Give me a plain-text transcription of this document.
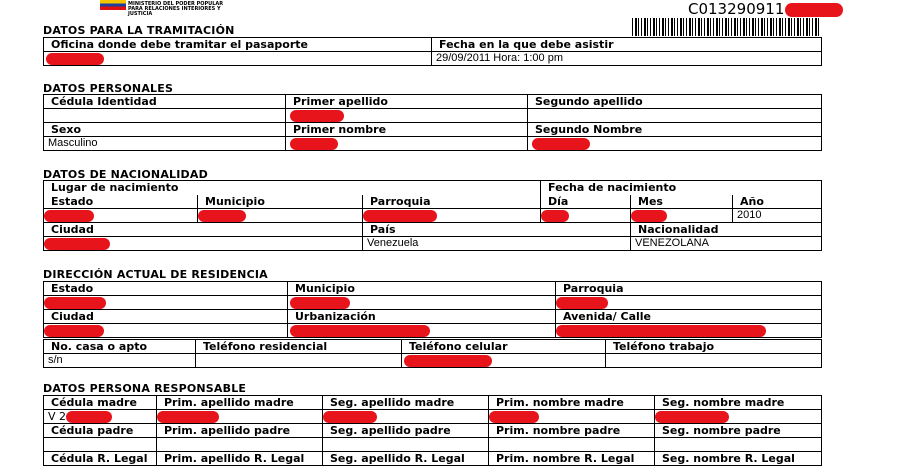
MINISTERIO DEL PODER POPULAR PARA RELACIONES INTERIORES Y JUSTICIA	C013290911
DATOS PARA LA TRAMITACIÓN
Oficina donde debe tramitar el pasaporte	Fecha en la que debe asistir
	29/09/2011 Hora: 1:00 pm
DATOS PERSONALES
Cédula Identidad	Primer apellido	Segundo apellido

Sexo	Primer nombre	Segundo Nombre
Masculino		
DATOS DE NACIONALIDAD
Lugar de nacimiento			Fecha de nacimiento		
Estado	Municipio	Parroquia	Día	Mes	Año
					2010
Ciudad		País		Nacionalidad	
		Venezuela		VENEZOLANA	
DIRECCIÓN ACTUAL DE RESIDENCIA
Estado	Municipio	Parroquia

Ciudad	Urbanización	Avenida/ Calle

No. casa o apto	Teléfono residencial	Teléfono celular	Teléfono trabajo
s/n			
DATOS PERSONA RESPONSABLE
Cédula madre	Prim. apellido madre	Seg. apellido madre	Prim. nombre madre	Seg. nombre madre
V 2				
Cédula padre	Prim. apellido padre	Seg. apellido padre	Prim. nombre padre	Seg. nombre padre

Cédula R. Legal	Prim. apellido R. Legal	Seg. apellido R. Legal	Prim. nombre R. Legal	Seg. nombre R. Legal
